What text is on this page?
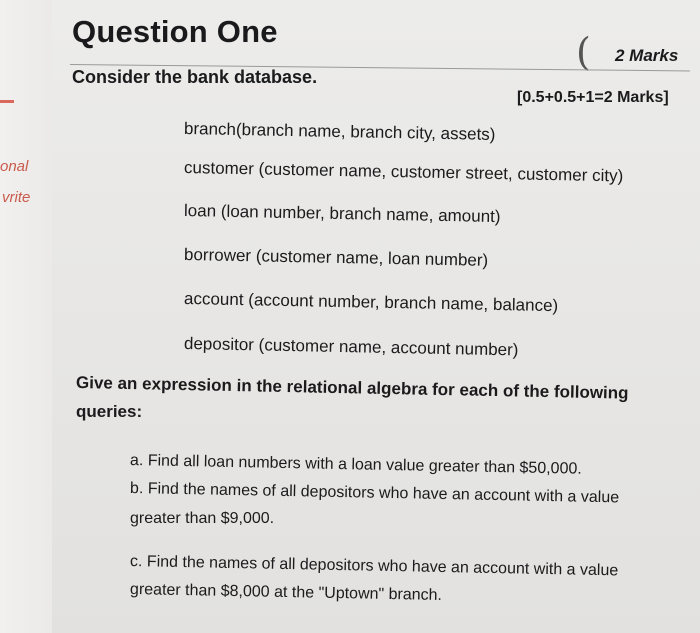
onal
vrite
Question One	( 2 Marks
Consider the bank database.
[0.5+0.5+1=2 Marks]
branch(branch name, branch city, assets)
customer (customer name, customer street, customer city)
loan (loan number, branch name, amount)
borrower (customer name, loan number)
account (account number, branch name, balance)
depositor (customer name, account number)
Give an expression in the relational algebra for each of the following
queries:
a. Find all loan numbers with a loan value greater than $50,000.
b. Find the names of all depositors who have an account with a value
greater than $9,000.
c. Find the names of all depositors who have an account with a value
greater than $8,000 at the "Uptown" branch.
